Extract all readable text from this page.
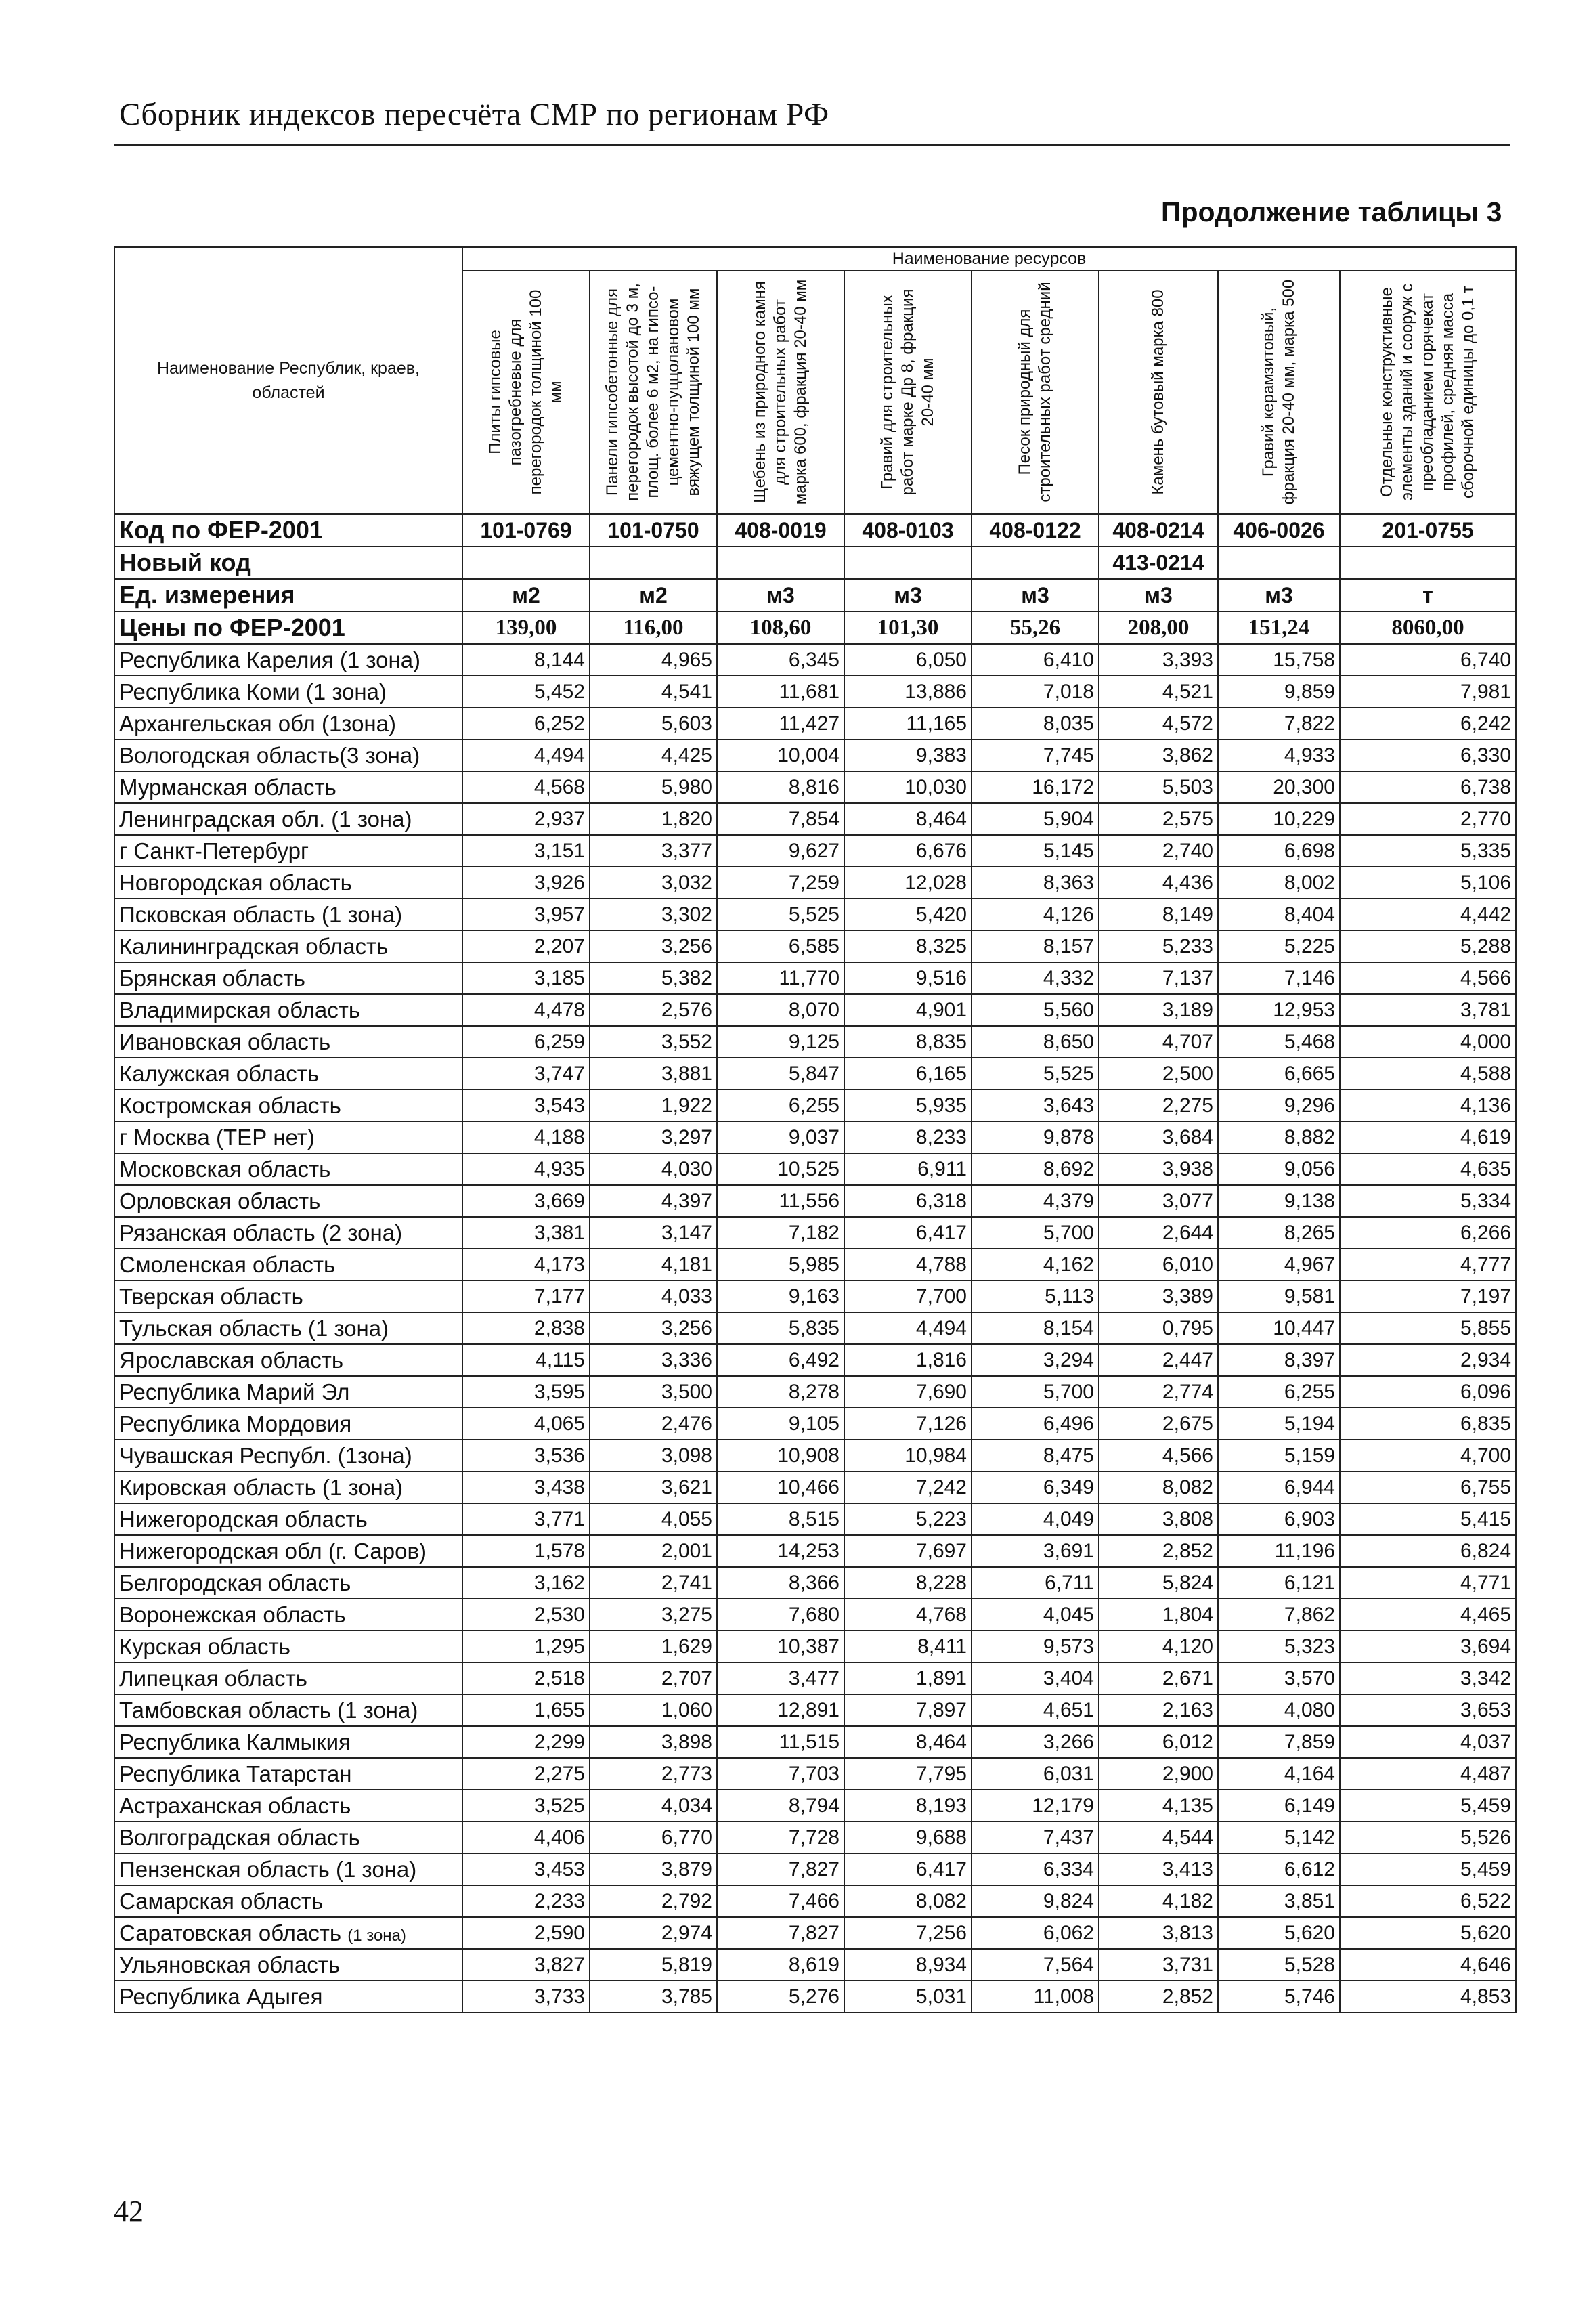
Сборник индексов пересчёта СМР по регионам РФ
Продолжение таблицы 3
Наименование Республик, краев, областей	Наименование ресурсов							

	Плиты гипсовые пазогребневые для перегородок толщиной 100 мм	Панели гипсобетонные для перегородок высотой до 3 м, площ. более 6 м2, на гипсо-цементно-пуццолановом вяжущем толщиной 100 мм	Щебень из природного камня для строительных работ марка 600, фракция 20-40 мм	Гравий для строительных работ марке Др 8, фракция 20-40 мм	Песок природный для строительных работ средний	Камень бутовый марка 800	Гравий керамзитовый, фракция 20-40 мм, марка 500	Отдельные конструктивные элементы зданий и сооруж с преобладанием горячекат профилей, средняя масса сборочной единицы до 0,1 т

Код по ФЕР-2001	101-0769	101-0750	408-0019	408-0103	408-0122	408-0214	406-0026	201-0755
Новый код						413-0214		
Ед. измерения	м2	м2	м3	м3	м3	м3	м3	т
Цены по ФЕР-2001	139,00	116,00	108,60	101,30	55,26	208,00	151,24	8060,00
Республика Карелия (1 зона)	8,144	4,965	6,345	6,050	6,410	3,393	15,758	6,740
Республика Коми (1 зона)	5,452	4,541	11,681	13,886	7,018	4,521	9,859	7,981
Архангельская обл (1зона)	6,252	5,603	11,427	11,165	8,035	4,572	7,822	6,242
Вологодская область(3 зона)	4,494	4,425	10,004	9,383	7,745	3,862	4,933	6,330
Мурманская область	4,568	5,980	8,816	10,030	16,172	5,503	20,300	6,738
Ленинградская обл. (1 зона)	2,937	1,820	7,854	8,464	5,904	2,575	10,229	2,770
г Санкт-Петербург	3,151	3,377	9,627	6,676	5,145	2,740	6,698	5,335
Новгородская область	3,926	3,032	7,259	12,028	8,363	4,436	8,002	5,106
Псковская область (1 зона)	3,957	3,302	5,525	5,420	4,126	8,149	8,404	4,442
Калининградская область	2,207	3,256	6,585	8,325	8,157	5,233	5,225	5,288
Брянская область	3,185	5,382	11,770	9,516	4,332	7,137	7,146	4,566
Владимирская область	4,478	2,576	8,070	4,901	5,560	3,189	12,953	3,781
Ивановская область	6,259	3,552	9,125	8,835	8,650	4,707	5,468	4,000
Калужская область	3,747	3,881	5,847	6,165	5,525	2,500	6,665	4,588
Костромская область	3,543	1,922	6,255	5,935	3,643	2,275	9,296	4,136
г Москва (ТЕР нет)	4,188	3,297	9,037	8,233	9,878	3,684	8,882	4,619
Московская область	4,935	4,030	10,525	6,911	8,692	3,938	9,056	4,635
Орловская область	3,669	4,397	11,556	6,318	4,379	3,077	9,138	5,334
Рязанская область (2 зона)	3,381	3,147	7,182	6,417	5,700	2,644	8,265	6,266
Смоленская область	4,173	4,181	5,985	4,788	4,162	6,010	4,967	4,777
Тверская область	7,177	4,033	9,163	7,700	5,113	3,389	9,581	7,197
Тульская область (1 зона)	2,838	3,256	5,835	4,494	8,154	0,795	10,447	5,855
Ярославская область	4,115	3,336	6,492	1,816	3,294	2,447	8,397	2,934
Республика Марий Эл	3,595	3,500	8,278	7,690	5,700	2,774	6,255	6,096
Республика Мордовия	4,065	2,476	9,105	7,126	6,496	2,675	5,194	6,835
Чувашская Республ. (1зона)	3,536	3,098	10,908	10,984	8,475	4,566	5,159	4,700
Кировская область (1 зона)	3,438	3,621	10,466	7,242	6,349	8,082	6,944	6,755
Нижегородская область	3,771	4,055	8,515	5,223	4,049	3,808	6,903	5,415
Нижегородская обл (г. Саров)	1,578	2,001	14,253	7,697	3,691	2,852	11,196	6,824
Белгородская область	3,162	2,741	8,366	8,228	6,711	5,824	6,121	4,771
Воронежская область	2,530	3,275	7,680	4,768	4,045	1,804	7,862	4,465
Курская область	1,295	1,629	10,387	8,411	9,573	4,120	5,323	3,694
Липецкая область	2,518	2,707	3,477	1,891	3,404	2,671	3,570	3,342
Тамбовская область (1 зона)	1,655	1,060	12,891	7,897	4,651	2,163	4,080	3,653
Республика Калмыкия	2,299	3,898	11,515	8,464	3,266	6,012	7,859	4,037
Республика Татарстан	2,275	2,773	7,703	7,795	6,031	2,900	4,164	4,487
Астраханская область	3,525	4,034	8,794	8,193	12,179	4,135	6,149	5,459
Волгоградская область	4,406	6,770	7,728	9,688	7,437	4,544	5,142	5,526
Пензенская область (1 зона)	3,453	3,879	7,827	6,417	6,334	3,413	6,612	5,459
Самарская область	2,233	2,792	7,466	8,082	9,824	4,182	3,851	6,522
Саратовская область (1 зона)	2,590	2,974	7,827	7,256	6,062	3,813	5,620	5,620
Ульяновская область	3,827	5,819	8,619	8,934	7,564	3,731	5,528	4,646
Республика Адыгея	3,733	3,785	5,276	5,031	11,008	2,852	5,746	4,853
42
